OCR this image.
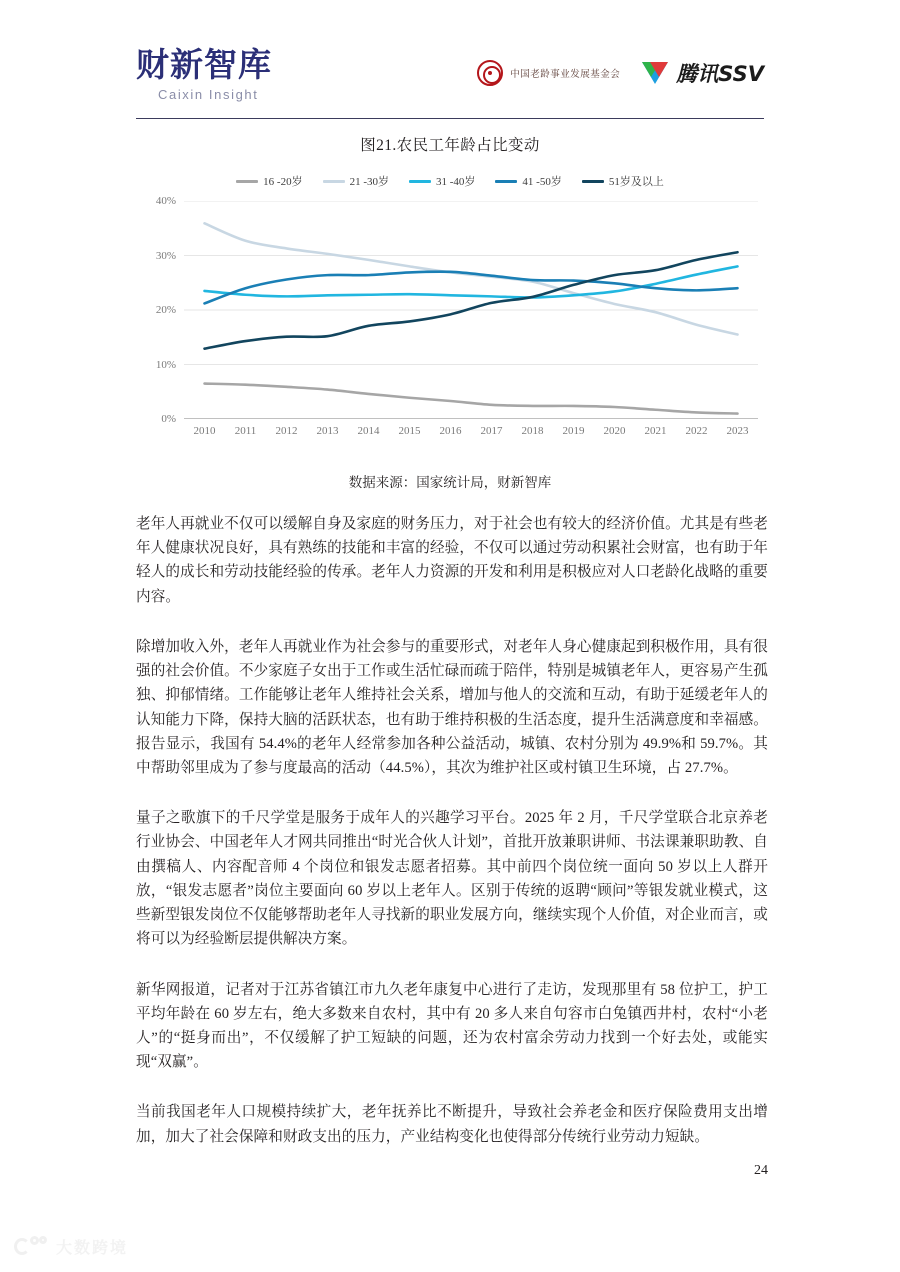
财新智库
Caixin Insight
中国老龄事业发展基金会	腾讯SSV
图21.农民工年龄占比变动
16 -20岁	21 -30岁	31 -40岁	41 -50岁	51岁及以上
0%
10%
20%
30%
40%
2010	2011	2012	2013	2014	2015	2016	2017	2018	2019	2020	2021	2022	2023
数据来源：国家统计局，财新智库

老年人再就业不仅可以缓解自身及家庭的财务压力，对于社会也有较大的经济价值。尤其是有些老年人健康状况良好，具有熟练的技能和丰富的经验，不仅可以通过劳动积累社会财富，也有助于年轻人的成长和劳动技能经验的传承。老年人力资源的开发和利用是积极应对人口老龄化战略的重要内容。

除增加收入外，老年人再就业作为社会参与的重要形式，对老年人身心健康起到积极作用，具有很强的社会价值。不少家庭子女出于工作或生活忙碌而疏于陪伴，特别是城镇老年人，更容易产生孤独、抑郁情绪。工作能够让老年人维持社会关系，增加与他人的交流和互动，有助于延缓老年人的认知能力下降，保持大脑的活跃状态，也有助于维持积极的生活态度，提升生活满意度和幸福感。报告显示，我国有 54.4%的老年人经常参加各种公益活动，城镇、农村分别为 49.9%和 59.7%。其中帮助邻里成为了参与度最高的活动（44.5%），其次为维护社区或村镇卫生环境，占 27.7%。

量子之歌旗下的千尺学堂是服务于成年人的兴趣学习平台。2025 年 2 月，千尺学堂联合北京养老行业协会、中国老年人才网共同推出“时光合伙人计划”，首批开放兼职讲师、书法课兼职助教、自由撰稿人、内容配音师 4 个岗位和银发志愿者招募。其中前四个岗位统一面向 50 岁以上人群开放，“银发志愿者”岗位主要面向 60 岁以上老年人。区别于传统的返聘“顾问”等银发就业模式，这些新型银发岗位不仅能够帮助老年人寻找新的职业发展方向，继续实现个人价值，对企业而言，或将可以为经验断层提供解决方案。

新华网报道，记者对于江苏省镇江市九久老年康复中心进行了走访，发现那里有 58 位护工，护工平均年龄在 60 岁左右，绝大多数来自农村，其中有 20 多人来自句容市白兔镇西井村，农村“小老人”的“挺身而出”，不仅缓解了护工短缺的问题，还为农村富余劳动力找到一个好去处，或能实现“双赢”。

当前我国老年人口规模持续扩大，老年抚养比不断提升，导致社会养老金和医疗保险费用支出增加，加大了社会保障和财政支出的压力，产业结构变化也使得部分传统行业劳动力短缺。

24
大数跨境
